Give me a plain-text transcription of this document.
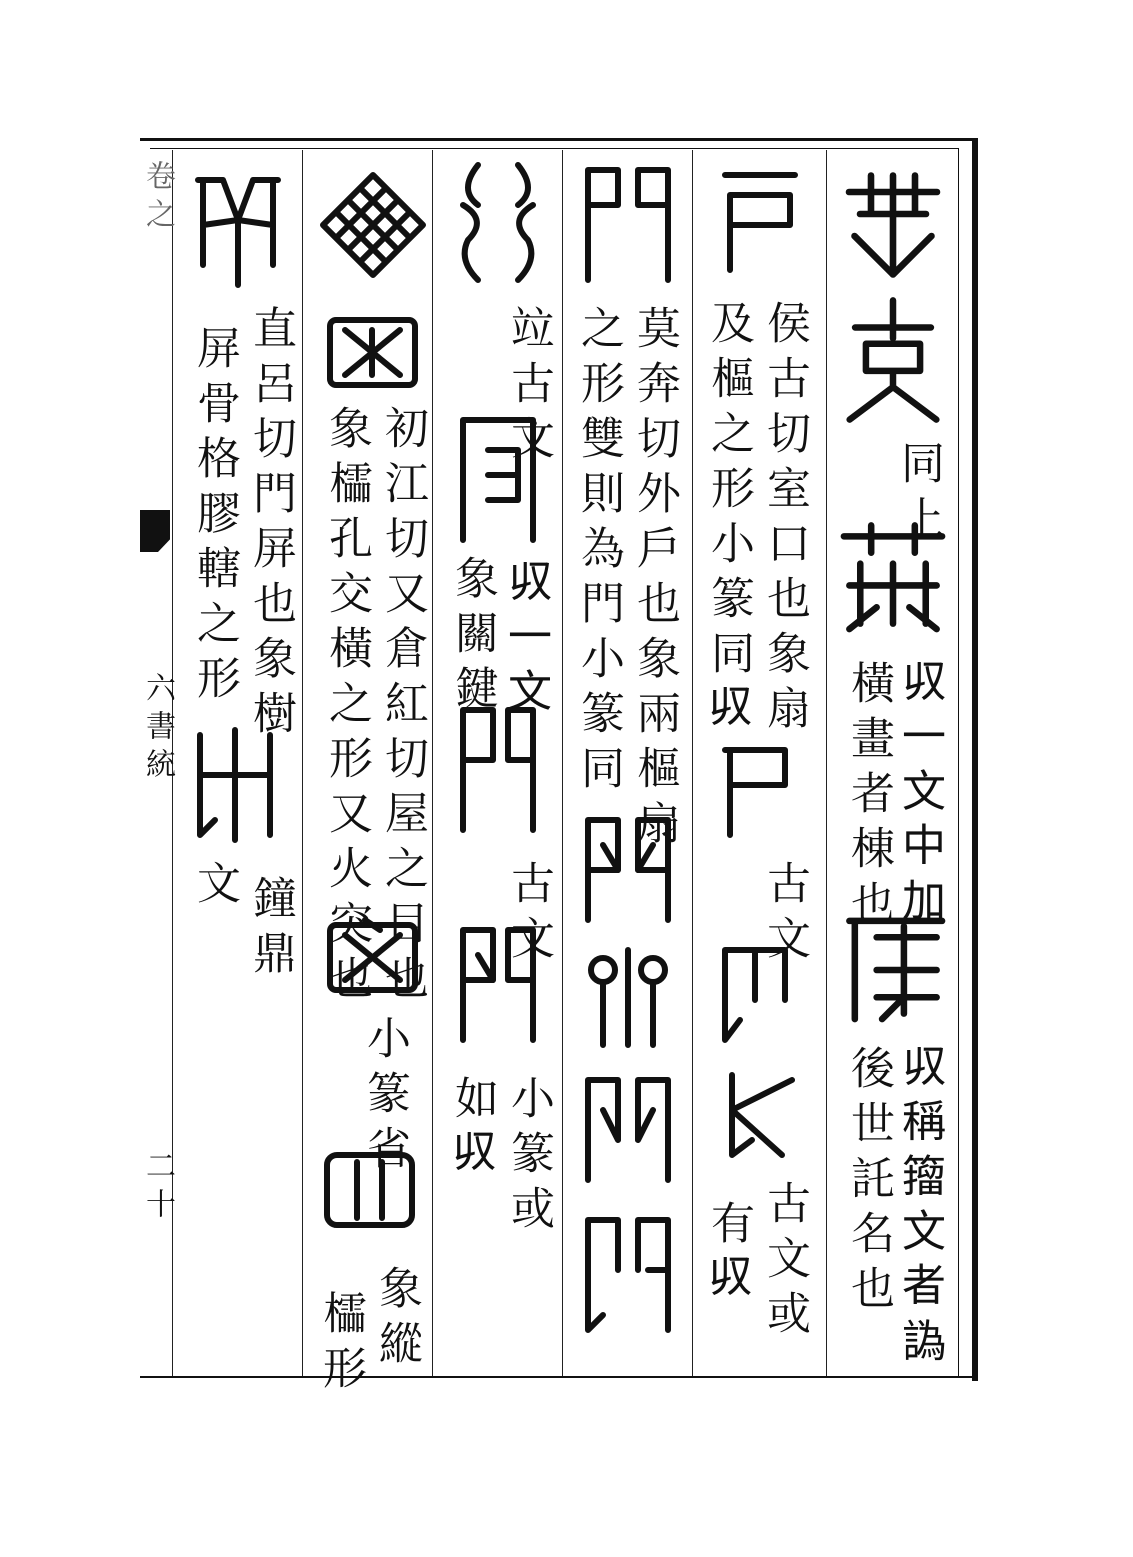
卷之
六書統
二十
同上
𠬞一文中加
橫畫者棟也
𠬞稱籀文者譌
後世託名也
侯古切室口也象扇
及樞之形小篆同𠬞
古文
古文或
有𠬞
莫奔切外戶也象兩樞扇
之形雙則為門小篆同
竝古文
𠬞一文
象關鍵
古文
小篆或
如𠬞
初江切又倉紅切屋之目也
象櫺孔交橫之形又火突也
小篆省
象縱
櫺形
直呂切門屏也象樹
屏骨格膠轄之形
文 鐘鼎
